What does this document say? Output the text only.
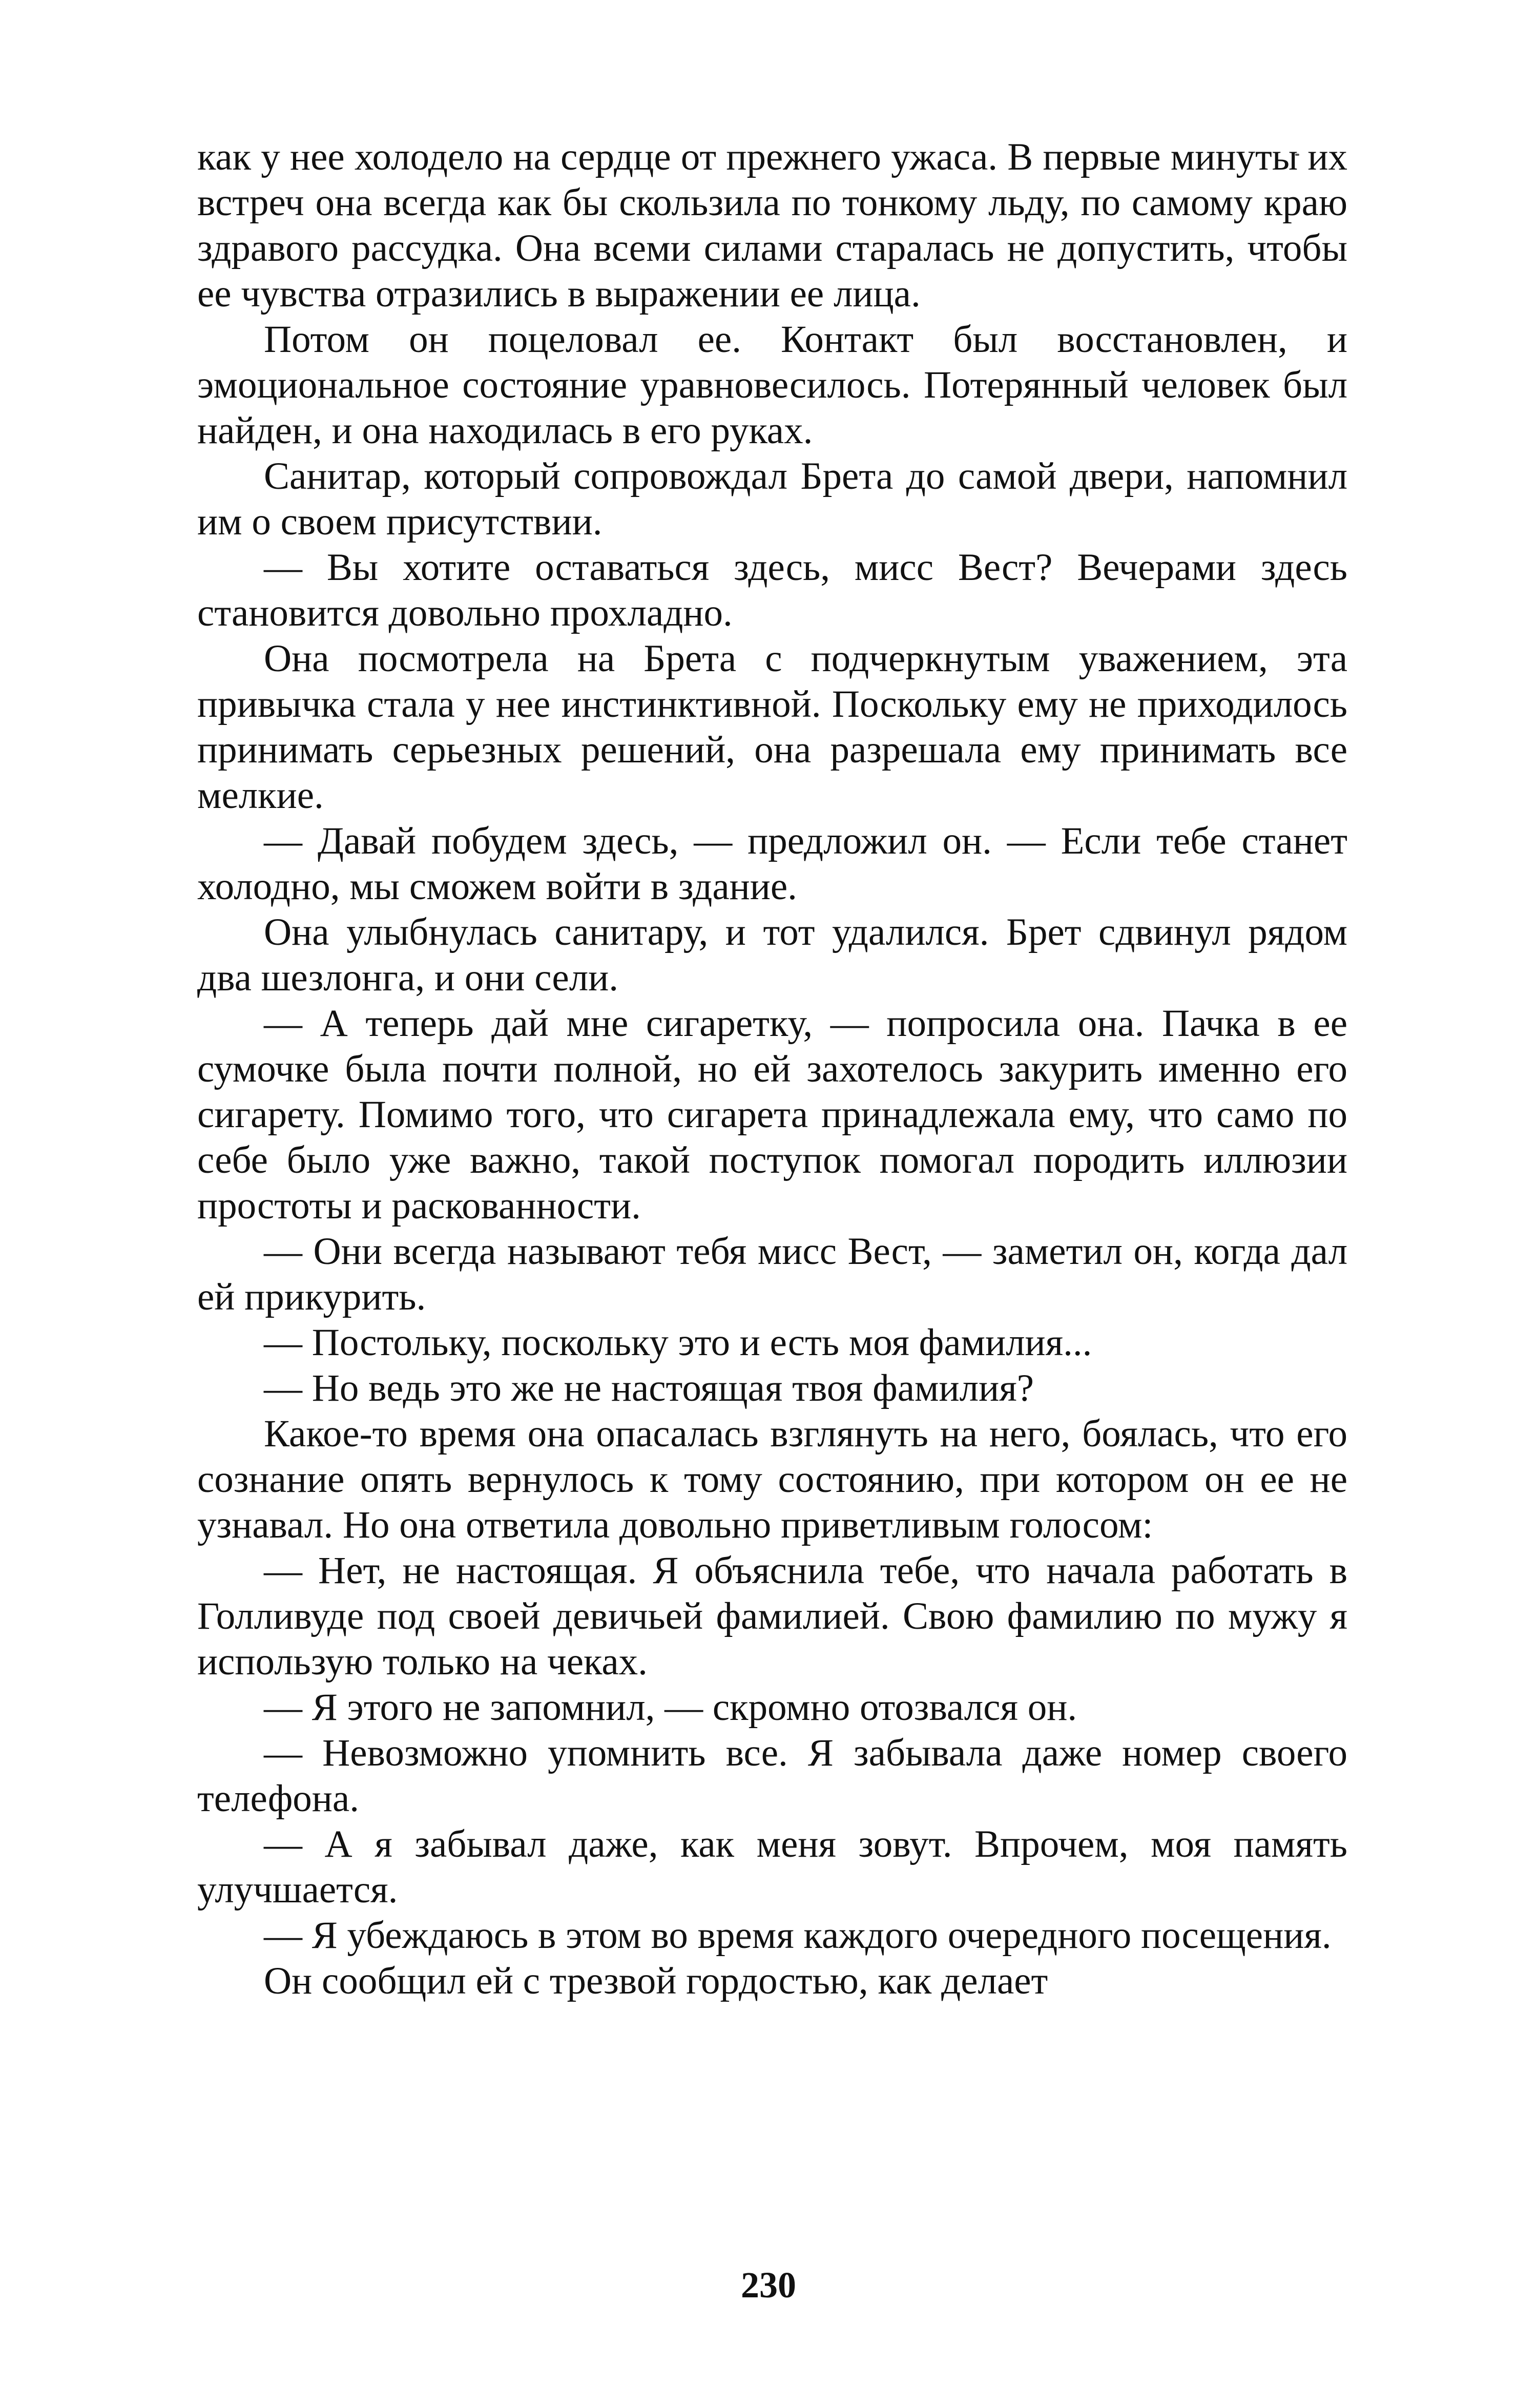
как у нее холодело на сердце от прежнего ужаса. В первые минуты их встреч она всегда как бы скользила по тонкому льду, по самому краю здравого рассудка. Она всеми силами старалась не допустить, чтобы ее чувства отразились в выражении ее лица.

Потом он поцеловал ее. Контакт был восстановлен, и эмоциональное состояние уравновесилось. Потерянный человек был найден, и она находилась в его руках.

Санитар, который сопровождал Брета до самой двери, напомнил им о своем присутствии.

— Вы хотите оставаться здесь, мисс Вест? Вечерами здесь становится довольно прохладно.

Она посмотрела на Брета с подчеркнутым уважением, эта привычка стала у нее инстинктивной. Поскольку ему не приходилось принимать серьезных решений, она разрешала ему принимать все мелкие.

— Давай побудем здесь, — предложил он. — Если тебе станет холодно, мы сможем войти в здание.

Она улыбнулась санитару, и тот удалился. Брет сдвинул рядом два шезлонга, и они сели.

— А теперь дай мне сигаретку, — попросила она. Пачка в ее сумочке была почти полной, но ей захотелось закурить именно его сигарету. Помимо того, что сигарета принадлежала ему, что само по себе было уже важно, такой поступок помогал породить иллюзии простоты и раскованности.

— Они всегда называют тебя мисс Вест, — заметил он, когда дал ей прикурить.

— Постольку, поскольку это и есть моя фамилия...

— Но ведь это же не настоящая твоя фамилия?

Какое-то время она опасалась взглянуть на него, боялась, что его сознание опять вернулось к тому состоянию, при котором он ее не узнавал. Но она ответила довольно приветливым голосом:

— Нет, не настоящая. Я объяснила тебе, что начала работать в Голливуде под своей девичьей фамилией. Свою фамилию по мужу я использую только на чеках.

— Я этого не запомнил, — скромно отозвался он.

— Невозможно упомнить все. Я забывала даже номер своего телефона.

— А я забывал даже, как меня зовут. Впрочем, моя память улучшается.

— Я убеждаюсь в этом во время каждого очередного посещения.

Он сообщил ей с трезвой гордостью, как делает

230
